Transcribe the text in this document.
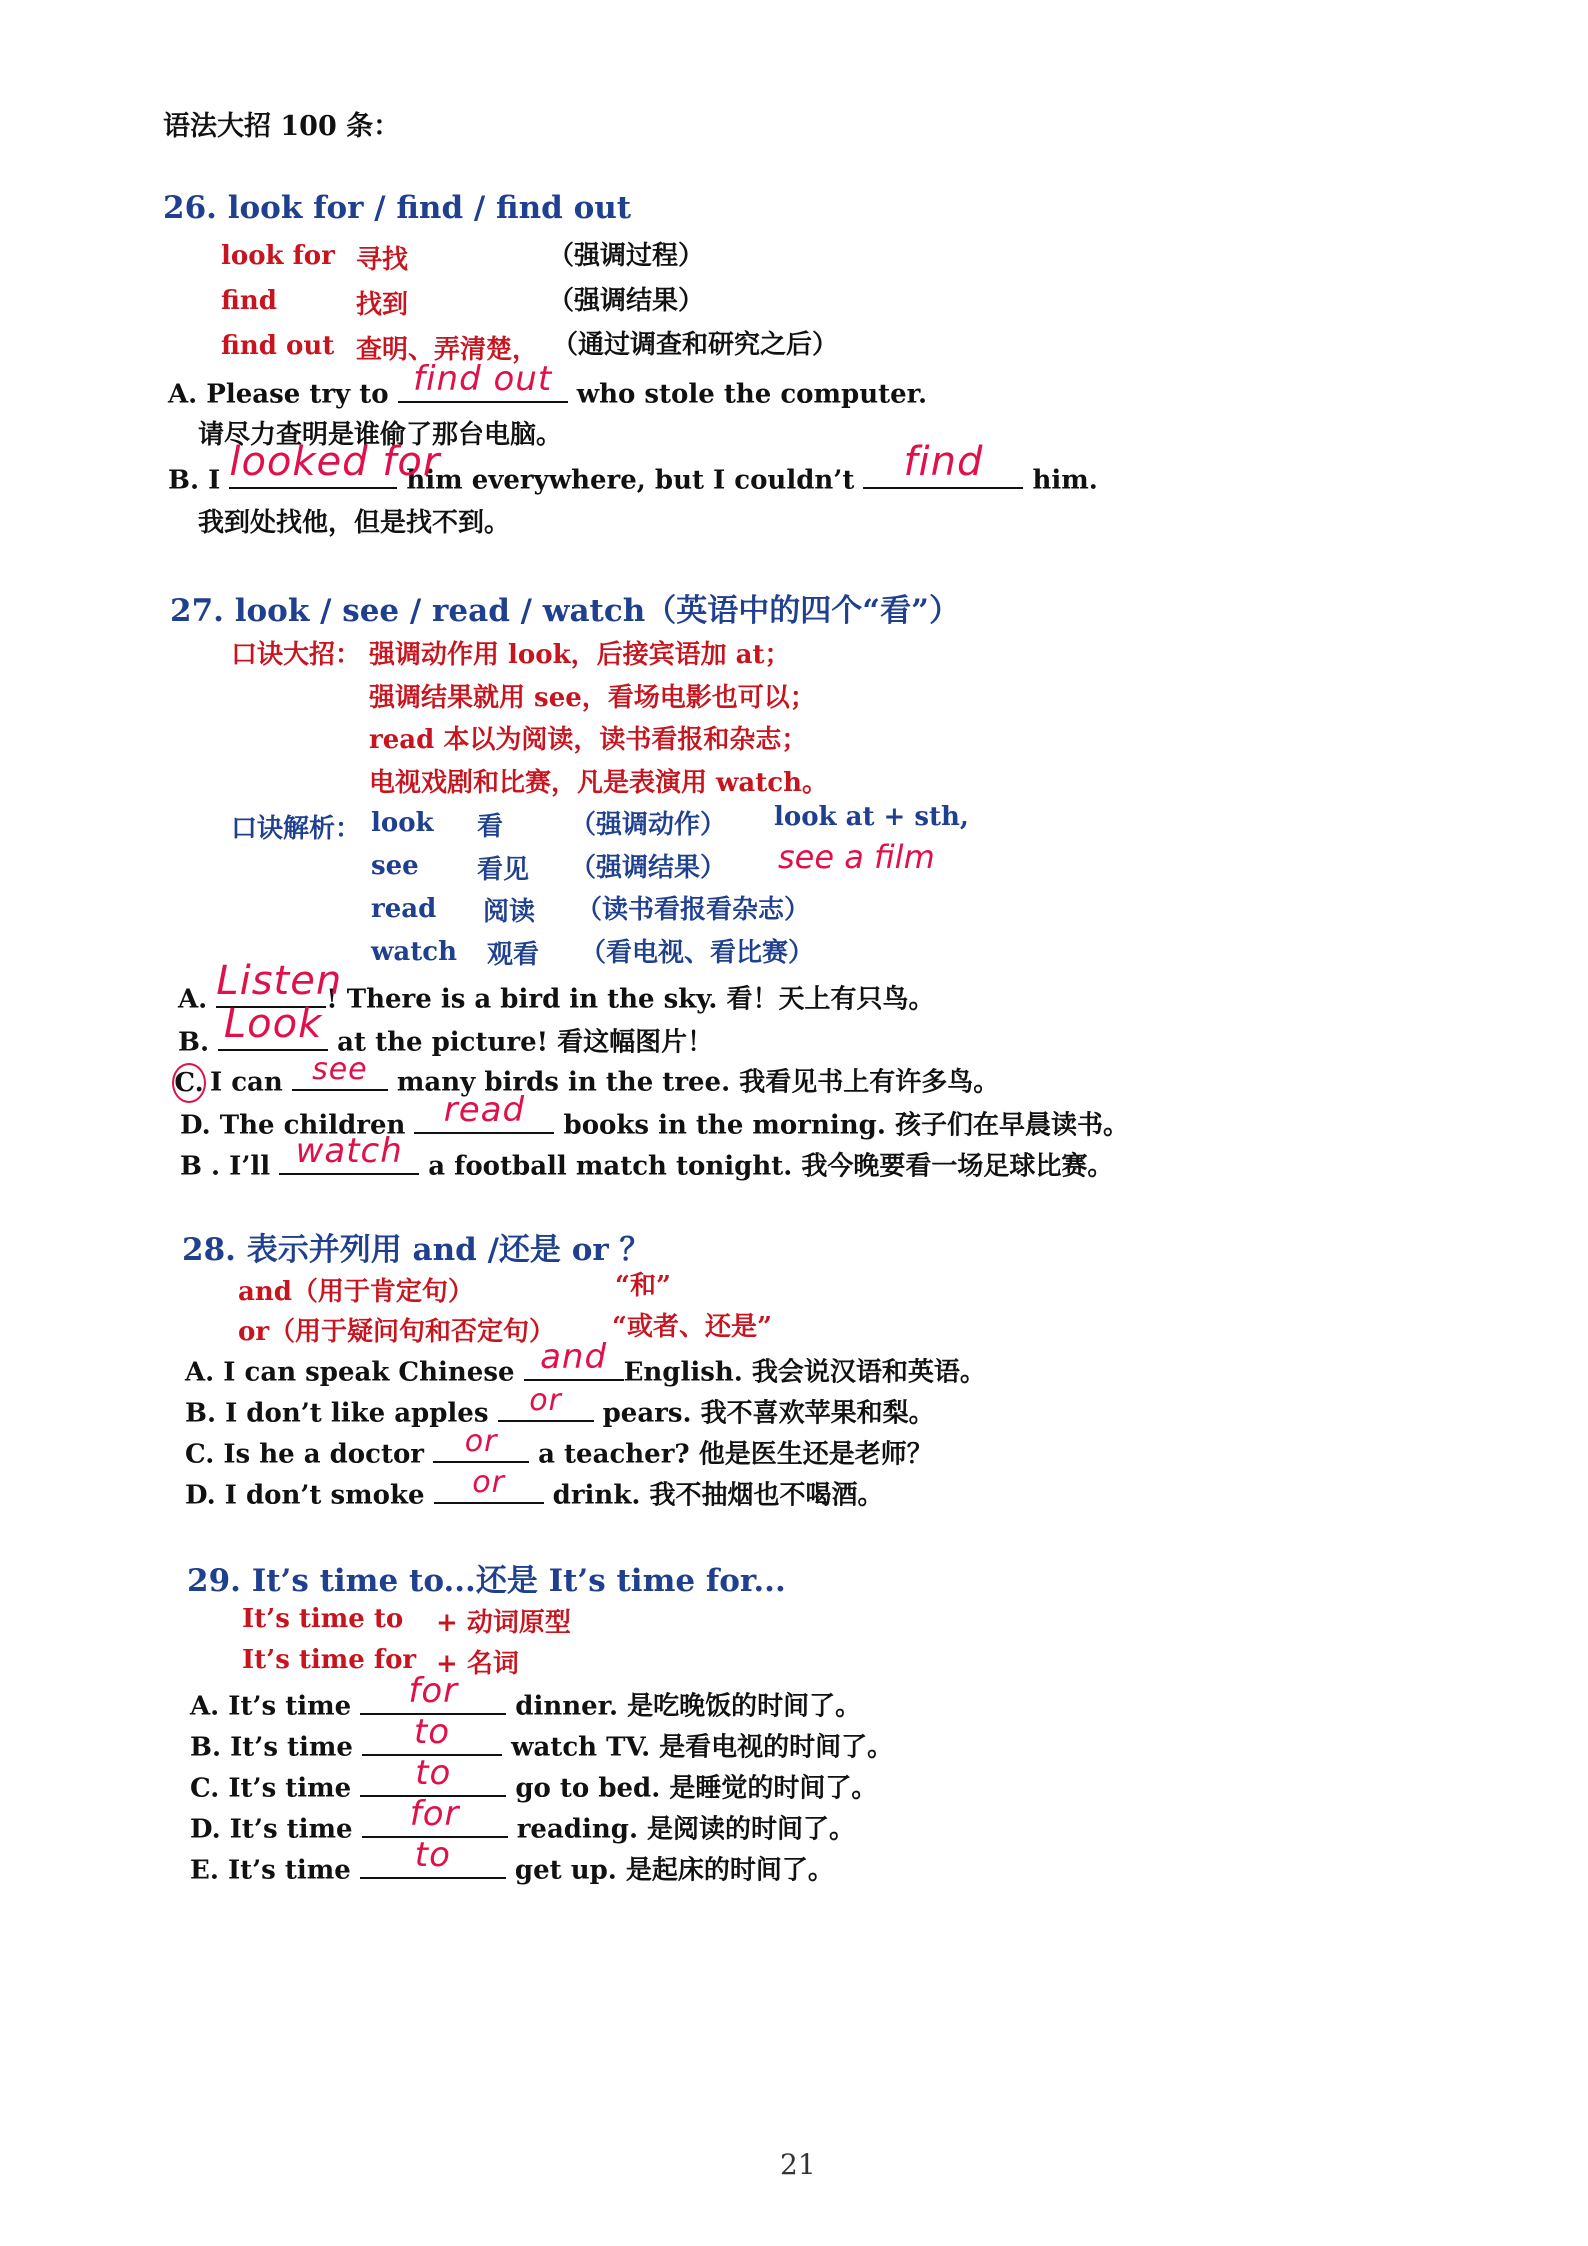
语法大招 100 条：
26. look for / find / find out
look for 寻找	（强调过程）
find	找到	（强调结果）
find out 查明、弄清楚， （通过调查和研究之后）
A. Please try to find out who stole the computer.
请尽力查明是谁偷了那台电脑。
B. I looked for
him everywhere, but I couldn’t	find	him.
我到处找他，但是找不到。
27. look / see / read / watch（英语中的四个“看”）
口诀大招： 强调动作用 look，后接宾语加 at；
强调结果就用 see，看场电影也可以；
read 本以为阅读，读书看报和杂志；
电视戏剧和比赛，凡是表演用 watch。
口诀解析： look 看	（强调动作） look at + sth,
see 看见 （强调结果） see a film
read 阅读 （读书看报看杂志）
watch 观看 （看电视、看比赛）
A. Listen
! There is a bird in the sky. 看！天上有只鸟。
B. Look at the picture! 看这幅图片！
C. I can see	many birds in the tree. 我看见书上有许多鸟。
D. The children	read	books in the morning. 孩子们在早晨读书。
B . I’ll watch a football match tonight. 我今晚要看一场足球比赛。
28. 表示并列用 and /还是 or ？
and（用于肯定句）	“和”
or（用于疑问句和否定句） “或者、还是”
A. I can speak Chinese and English. 我会说汉语和英语。
B. I don’t like apples	or	pears. 我不喜欢苹果和梨。
C. Is he a doctor	or	a teacher? 他是医生还是老师？
D. I don’t smoke	or	drink. 我不抽烟也不喝酒。
29. It’s time to...还是 It’s time for...
It’s time to + 动词原型
It’s time for + 名词
A. It’s time	for	dinner. 是吃晚饭的时间了。
B. It’s time	to	watch TV. 是看电视的时间了。
C. It’s time	to	go to bed. 是睡觉的时间了。
D. It’s time	for	reading. 是阅读的时间了。
E. It’s time	to	get up. 是起床的时间了。
21
